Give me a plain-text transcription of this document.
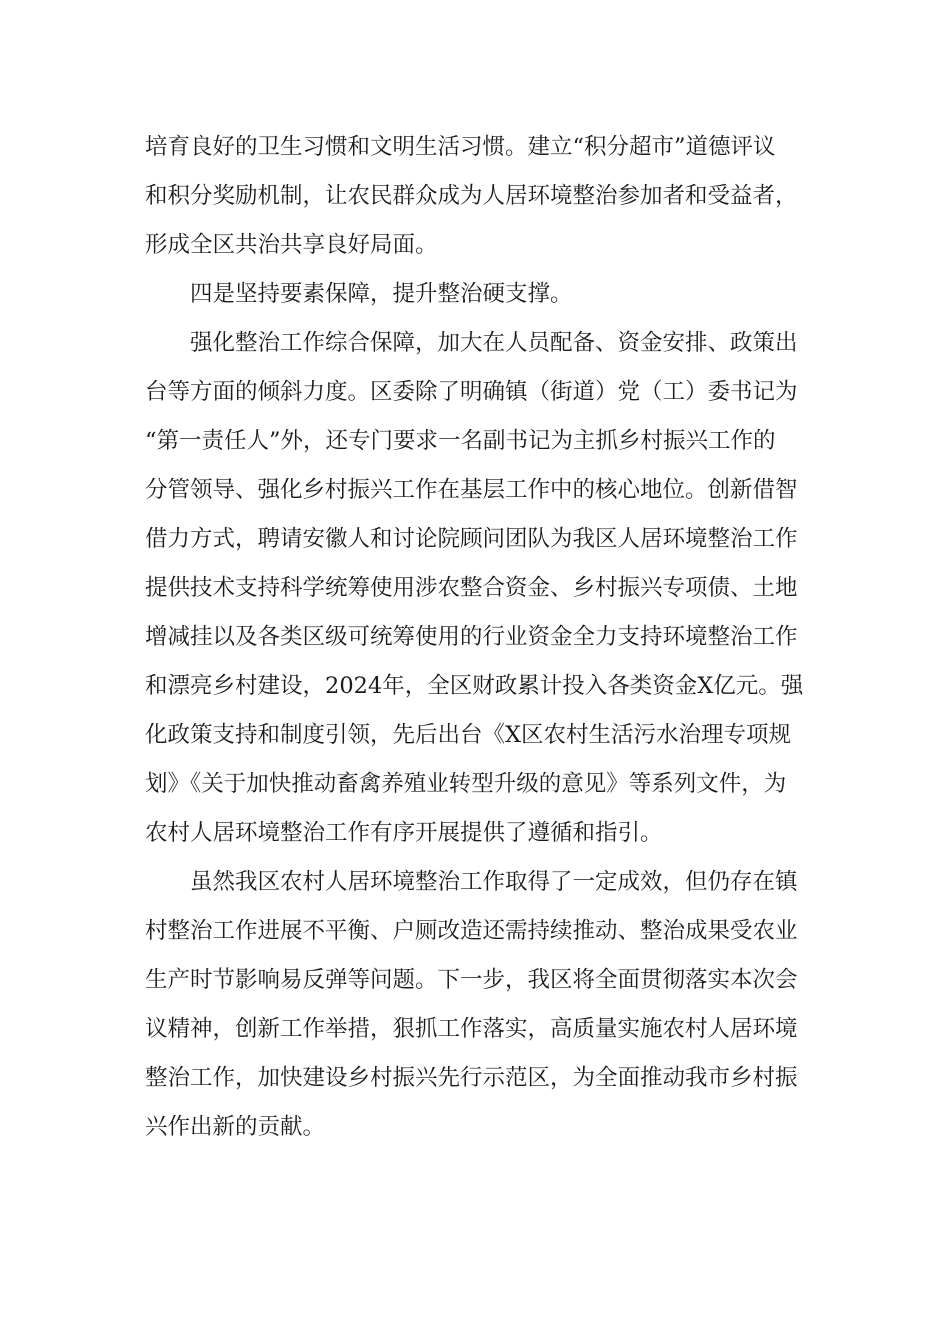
培育良好的卫生习惯和文明生活习惯。建立“积分超市”道德评议
和积分奖励机制，让农民群众成为人居环境整治参加者和受益者，
形成全区共治共享良好局面。
四是坚持要素保障，提升整治硬支撑。
强化整治工作综合保障，加大在人员配备、资金安排、政策出
台等方面的倾斜力度。区委除了明确镇（街道）党（工）委书记为
“第一责任人”外，还专门要求一名副书记为主抓乡村振兴工作的
分管领导、强化乡村振兴工作在基层工作中的核心地位。创新借智
借力方式，聘请安徽人和讨论院顾问团队为我区人居环境整治工作
提供技术支持科学统筹使用涉农整合资金、乡村振兴专项债、土地
增减挂以及各类区级可统筹使用的行业资金全力支持环境整治工作
和漂亮乡村建设，2024年，全区财政累计投入各类资金X亿元。强
化政策支持和制度引领，先后出台《X区农村生活污水治理专项规
划》《关于加快推动畜禽养殖业转型升级的意见》等系列文件，为
农村人居环境整治工作有序开展提供了遵循和指引。
虽然我区农村人居环境整治工作取得了一定成效，但仍存在镇
村整治工作进展不平衡、户厕改造还需持续推动、整治成果受农业
生产时节影响易反弹等问题。下一步，我区将全面贯彻落实本次会
议精神，创新工作举措，狠抓工作落实，高质量实施农村人居环境
整治工作，加快建设乡村振兴先行示范区，为全面推动我市乡村振
兴作出新的贡献。
